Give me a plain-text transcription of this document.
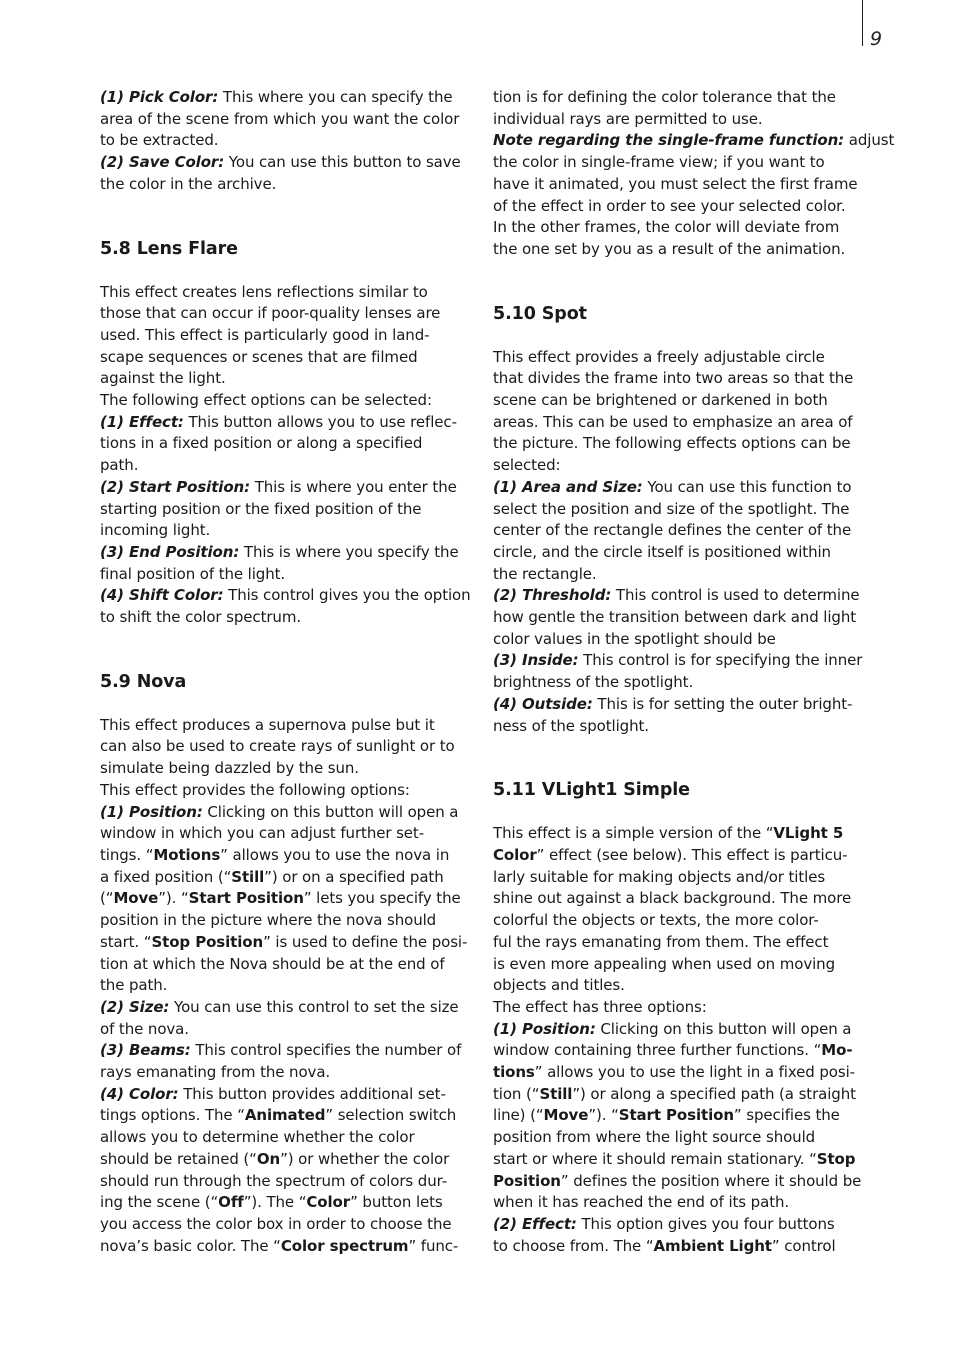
9

(1) Pick Color: This where you can specify the

area of the scene from which you want the color

to be extracted.

(2) Save Color: You can use this button to save

the color in the archive.

5.8 Lens Flare

This effect creates lens reflections similar to

those that can occur if poor-quality lenses are

used. This effect is particularly good in land-

scape sequences or scenes that are filmed

against the light.

The following effect options can be selected:

(1) Effect: This button allows you to use reflec-

tions in a fixed position or along a specified

path.

(2) Start Position: This is where you enter the

starting position or the fixed position of the

incoming light.

(3) End Position: This is where you specify the

final position of the light.

(4) Shift Color: This control gives you the option

to shift the color spectrum.

5.9 Nova

This effect produces a supernova pulse but it

can also be used to create rays of sunlight or to

simulate being dazzled by the sun.

This effect provides the following options:

(1) Position: Clicking on this button will open a

window in which you can adjust further set-

tings. “Motions” allows you to use the nova in

a fixed position (“Still”) or on a specified path

(“Move”). “Start Position” lets you specify the

position in the picture where the nova should

start. “Stop Position” is used to define the posi-

tion at which the Nova should be at the end of

the path.

(2) Size: You can use this control to set the size

of the nova.

(3) Beams: This control specifies the number of

rays emanating from the nova.

(4) Color: This button provides additional set-

tings options. The “Animated” selection switch

allows you to determine whether the color

should be retained (“On”) or whether the color

should run through the spectrum of colors dur-

ing the scene (“Off”). The “Color” button lets

you access the color box in order to choose the

nova’s basic color. The “Color spectrum” func-

tion is for defining the color tolerance that the

individual rays are permitted to use.

Note regarding the single-frame function: adjust

the color in single-frame view; if you want to

have it animated, you must select the first frame

of the effect in order to see your selected color.

In the other frames, the color will deviate from

the one set by you as a result of the animation.

5.10 Spot

This effect provides a freely adjustable circle

that divides the frame into two areas so that the

scene can be brightened or darkened in both

areas. This can be used to emphasize an area of

the picture. The following effects options can be

selected:

(1) Area and Size: You can use this function to

select the position and size of the spotlight. The

center of the rectangle defines the center of the

circle, and the circle itself is positioned within

the rectangle.

(2) Threshold: This control is used to determine

how gentle the transition between dark and light

color values in the spotlight should be

(3) Inside: This control is for specifying the inner

brightness of the spotlight.

(4) Outside: This is for setting the outer bright-

ness of the spotlight.

5.11 VLight1 Simple

This effect is a simple version of the “VLight 5

Color” effect (see below). This effect is particu-

larly suitable for making objects and/or titles

shine out against a black background. The more

colorful the objects or texts, the more color-

ful the rays emanating from them. The effect

is even more appealing when used on moving

objects and titles.

The effect has three options:

(1) Position: Clicking on this button will open a

window containing three further functions. “Mo-

tions” allows you to use the light in a fixed posi-

tion (“Still”) or along a specified path (a straight

line) (“Move”). “Start Position” specifies the

position from where the light source should

start or where it should remain stationary. “Stop

Position” defines the position where it should be

when it has reached the end of its path.

(2) Effect: This option gives you four buttons

to choose from. The “Ambient Light” control
